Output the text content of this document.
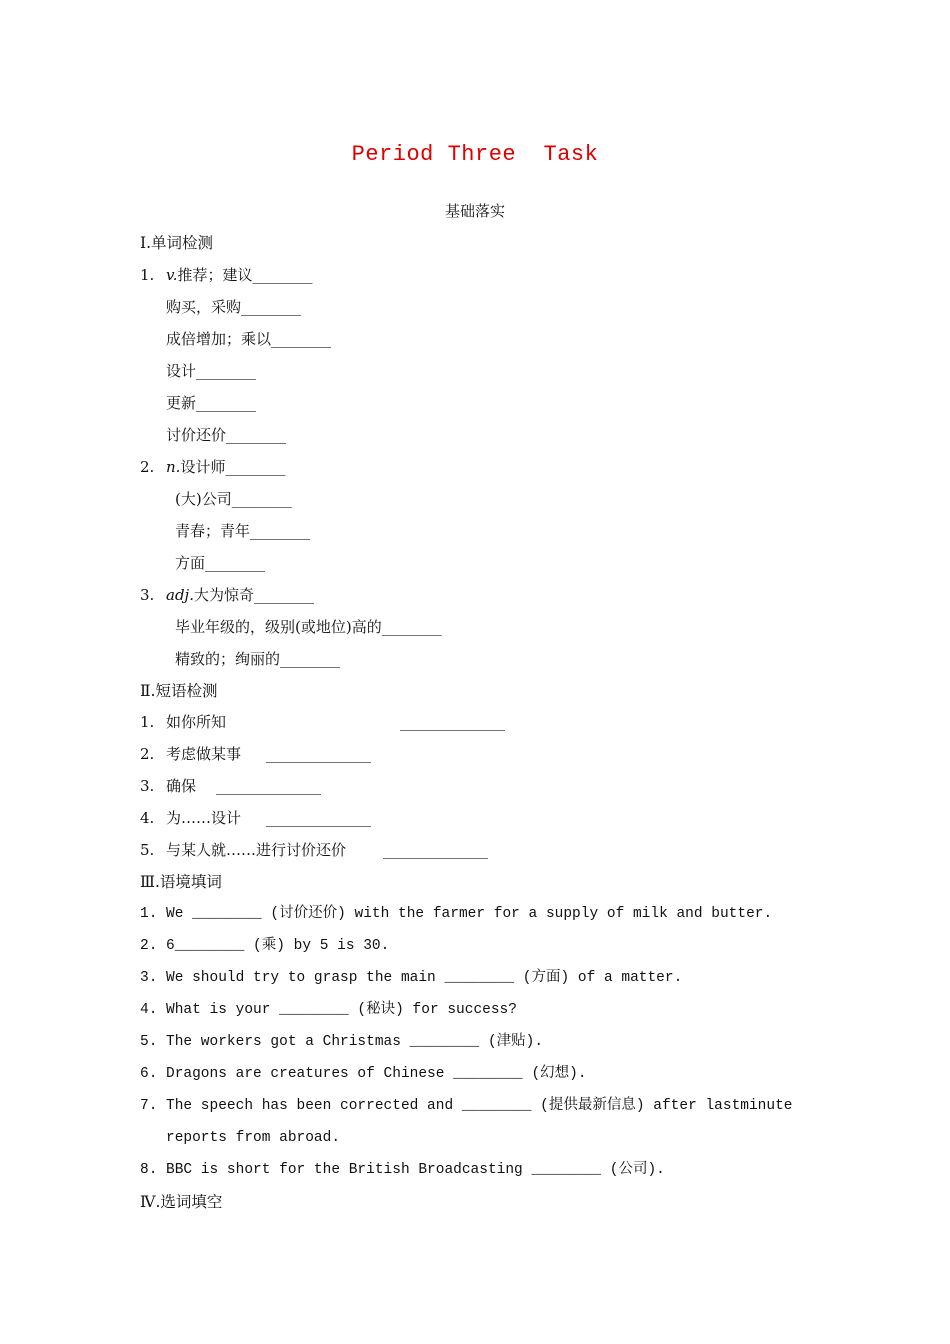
Period Three  Task
基础落实
Ⅰ.单词检测
1. v.推荐；建议________
购买，采购________
成倍增加；乘以________
设计________
更新________
讨价还价________
2. n.设计师________
(大)公司________
青春；青年________
方面________
3. adj.大为惊奇________
毕业年级的，级别(或地位)高的________
精致的；绚丽的________
Ⅱ.短语检测
1. 如你所知	______________
2. 考虑做某事 ______________
3. 确保 ______________
4. 为……设计 ______________
5. 与某人就……进行讨价还价 ______________
Ⅲ.语境填词
1. We ________ (讨价还价) with the farmer for a supply of milk and butter.
2. 6________ (乘) by 5 is 30.
3. We should try to grasp the main ________ (方面) of a matter.
4. What is your ________ (秘诀) for success?
5. The workers got a Christmas ________ (津贴).
6. Dragons are creatures of Chinese ________ (幻想).
7. The speech has been corrected and ________ (提供最新信息) after lastminute
reports from abroad.
8. BBC is short for the British Broadcasting ________ (公司).
Ⅳ.选词填空
